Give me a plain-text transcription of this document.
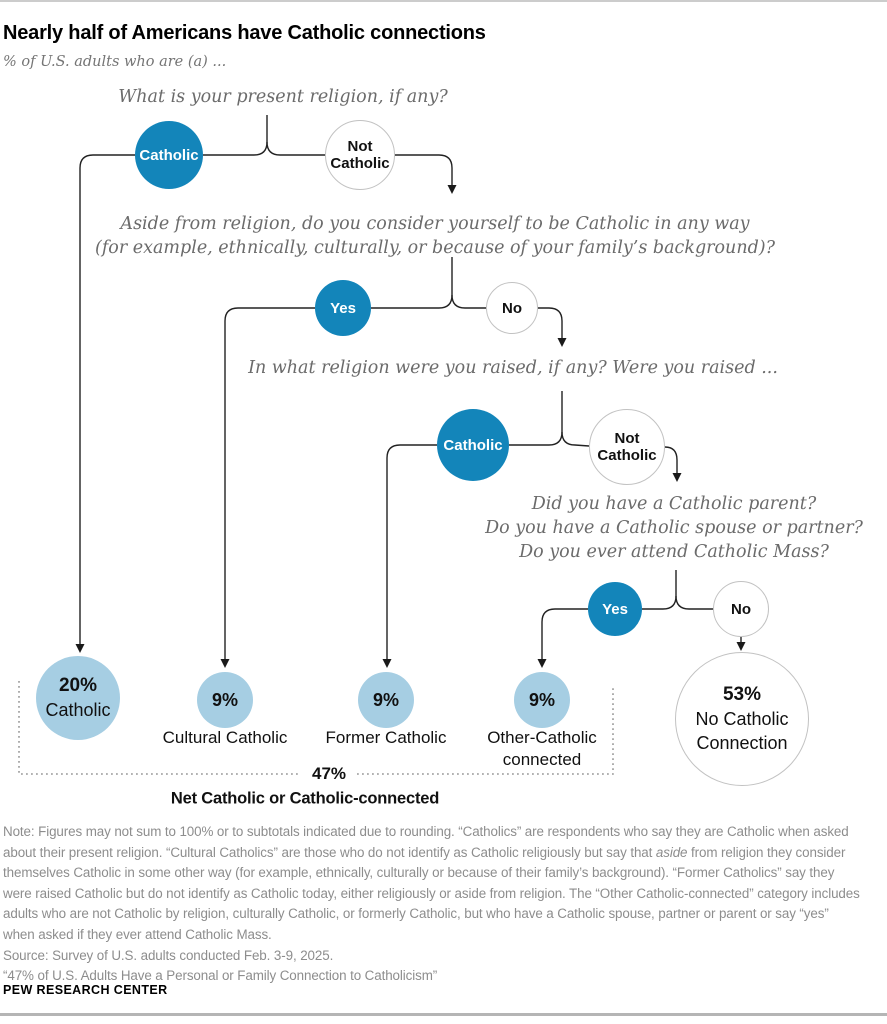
Nearly half of Americans have Catholic connections
% of U.S. adults who are (a) ...
What is your present religion, if any?
Aside from religion, do you consider yourself to be Catholic in any way
(for example, ethnically, culturally, or because of your family’s background)?
In what religion were you raised, if any? Were you raised ...
Did you have a Catholic parent?
Do you have a Catholic spouse or partner?
Do you ever attend Catholic Mass?
Catholic	Not
Catholic
Yes	No
Catholic	Not
Catholic
Yes	No
20%
Catholic
9%	9%	9%	53%
No Catholic
Connection
Cultural Catholic Former Catholic Other-Catholic
connected
47%
Net Catholic or Catholic-connected
Note: Figures may not sum to 100% or to subtotals indicated due to rounding. “Catholics” are respondents who say they are Catholic when asked about their present religion. “Cultural Catholics” are those who do not identify as Catholic religiously but say that aside from religion they consider themselves Catholic in some other way (for example, ethnically, culturally or because of their family’s background). “Former Catholics” say they were raised Catholic but do not identify as Catholic today, either religiously or aside from religion. The “Other Catholic-connected” category includes adults who are not Catholic by religion, culturally Catholic, or formerly Catholic, but who have a Catholic spouse, partner or parent or say “yes” when asked if they ever attend Catholic Mass.
Source: Survey of U.S. adults conducted Feb. 3-9, 2025.
“47% of U.S. Adults Have a Personal or Family Connection to Catholicism”
PEW RESEARCH CENTER
